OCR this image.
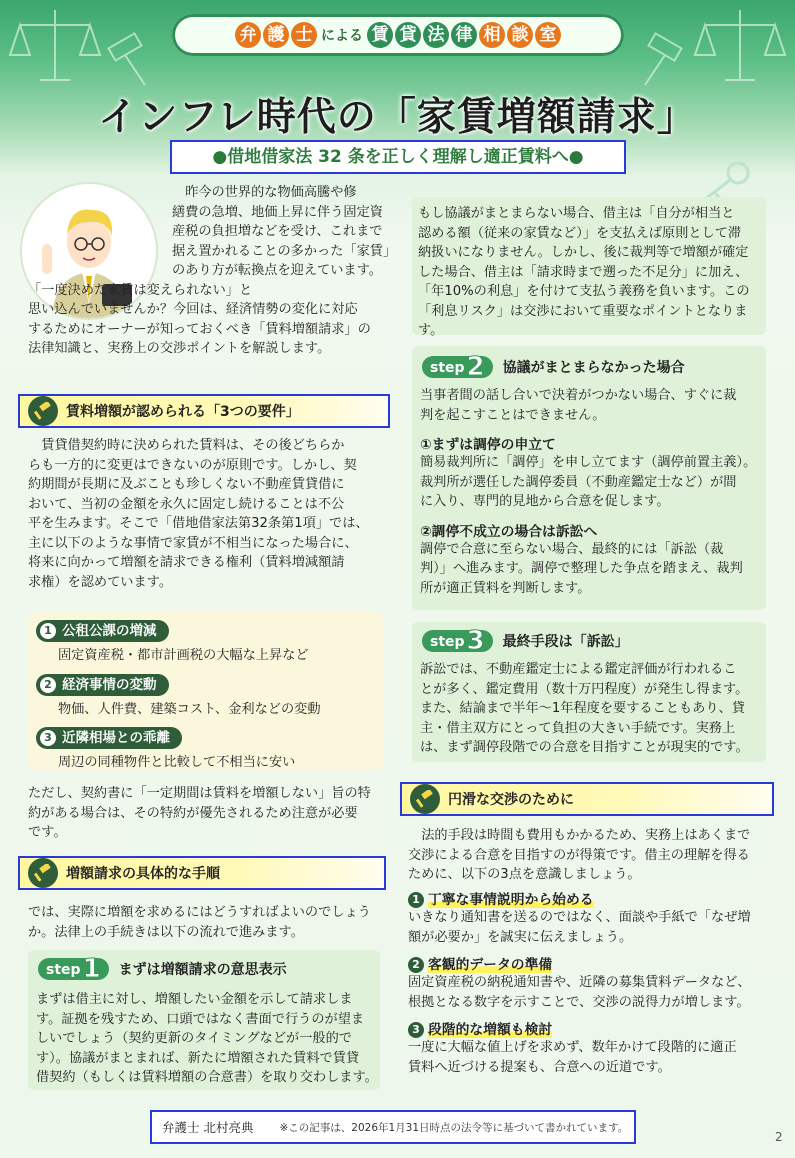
弁 護 士 による 賃 貸 法 律 相 談 室
インフレ時代の「家賃増額請求」
●借地借家法 32 条を正しく理解し適正賃料へ●
昨今の世界的な物価高騰や修
繕費の急増、地価上昇に伴う固定資
産税の負担増などを受け、これまで
据え置かれることの多かった「家賃」
のあり方が転換点を迎えています。
「一度決めた家賃は変えられない」と
思い込んでいませんか？今回は、経済情勢の変化に対応
するためにオーナーが知っておくべき「賃料増額請求」の
法律知識と、実務上の交渉ポイントを解説します。
賃料増額が認められる「3つの要件」
賃貸借契約時に決められた賃料は、その後どちらか
らも一方的に変更はできないのが原則です。しかし、契
約期間が長期に及ぶことも珍しくない不動産賃貸借に
おいて、当初の金額を永久に固定し続けることは不公
平を生みます。そこで「借地借家法第32条第1項」では、
主に以下のような事情で家賃が不相当になった場合に、
将来に向かって増額を請求できる権利（賃料増減額請
求権）を認めています。
1 公租公課の増減
固定資産税・都市計画税の大幅な上昇など
2 経済事情の変動
物価、人件費、建築コスト、金利などの変動
3 近隣相場との乖離
周辺の同種物件と比較して不相当に安い
ただし、契約書に「一定期間は賃料を増額しない」旨の特
約がある場合は、その特約が優先されるため注意が必要
です。
増額請求の具体的な手順
では、実際に増額を求めるにはどうすればよいのでしょう
か。法律上の手続きは以下の流れで進みます。
step1 まずは増額請求の意思表示
まずは借主に対し、増額したい金額を示して請求しま
す。証拠を残すため、口頭ではなく書面で行うのが望ま
しいでしょう（契約更新のタイミングなどが一般的で
す）。協議がまとまれば、新たに増額された賃料で賃貸
借契約（もしくは賃料増額の合意書）を取り交わします。
もし協議がまとまらない場合、借主は「自分が相当と
認める額（従来の家賃など）」を支払えば原則として滞
納扱いになりません。しかし、後に裁判等で増額が確定
した場合、借主は「請求時まで遡った不足分」に加え、
「年10%の利息」を付けて支払う義務を負います。この
「利息リスク」は交渉において重要なポイントとなります。
step2 協議がまとまらなかった場合
当事者間の話し合いで決着がつかない場合、すぐに裁
判を起こすことはできません。
①まずは調停の申立て
簡易裁判所に「調停」を申し立てます（調停前置主義）。
裁判所が選任した調停委員（不動産鑑定士など）が間
に入り、専門的見地から合意を促します。
②調停不成立の場合は訴訟へ
調停で合意に至らない場合、最終的には「訴訟（裁
判）」へ進みます。調停で整理した争点を踏まえ、裁判
所が適正賃料を判断します。
step3 最終手段は「訴訟」
訴訟では、不動産鑑定士による鑑定評価が行われるこ
とが多く、鑑定費用（数十万円程度）が発生し得ます。
また、結論まで半年〜1年程度を要することもあり、貸
主・借主双方にとって負担の大きい手続です。実務上
は、まず調停段階での合意を目指すことが現実的です。
円滑な交渉のために
法的手段は時間も費用もかかるため、実務上はあくまで
交渉による合意を目指すのが得策です。借主の理解を得る
ために、以下の3点を意識しましょう。
1 丁寧な事情説明から始める
いきなり通知書を送るのではなく、面談や手紙で「なぜ増
額が必要か」を誠実に伝えましょう。
2 客観的データの準備
固定資産税の納税通知書や、近隣の募集賃料データなど、
根拠となる数字を示すことで、交渉の説得力が増します。
3 段階的な増額も検討
一度に大幅な値上げを求めず、数年かけて段階的に適正
賃料へ近づける提案も、合意への近道です。
弁護士 北村亮典 ※この記事は、2026年1月31日時点の法令等に基づいて書かれています。
2
